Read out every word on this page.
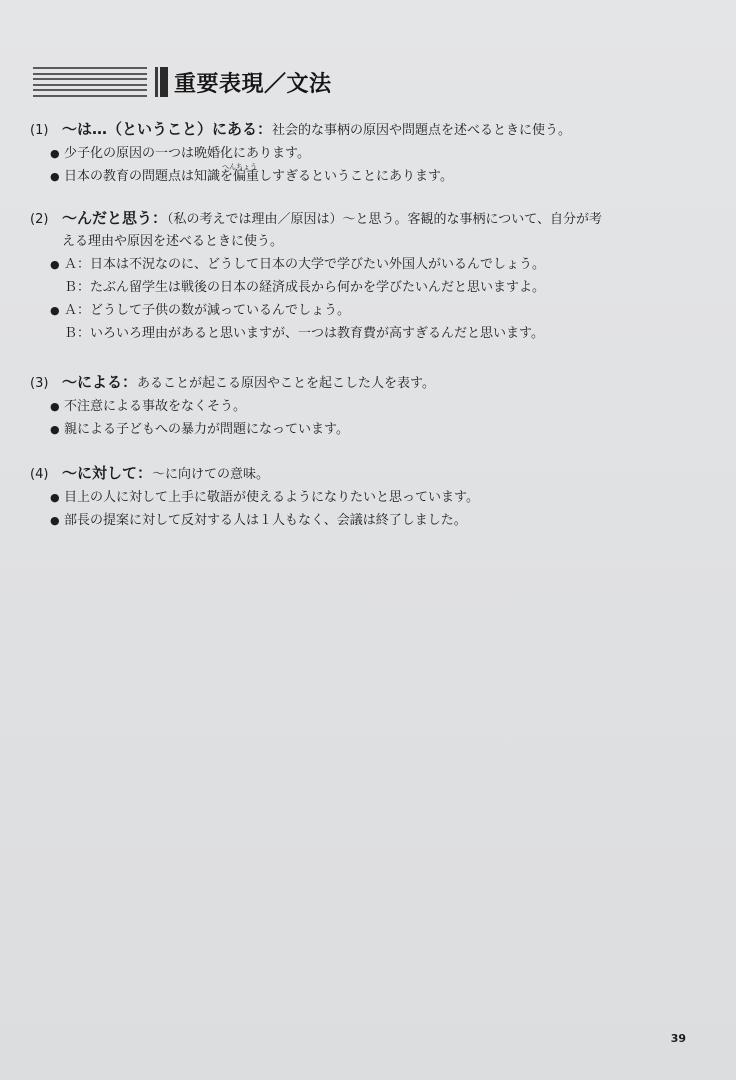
重要表現／文法
(1) 〜は…（ということ）にある：社会的な事柄の原因や問題点を述べるときに使う。
● 少子化の原因の一つは晩婚化にあります。
● 日本の教育の問題点は知識を
へんちょう
偏重しすぎるということにあります。
(2) 〜んだと思う：（私の考えでは理由／原因は）〜と思う。客観的な事柄について、自分が考
える理由や原因を述べるときに使う。
● Ａ：日本は不況なのに、どうして日本の大学で学びたい外国人がいるんでしょう。
Ｂ：たぶん留学生は戦後の日本の経済成長から何かを学びたいんだと思いますよ。
● Ａ：どうして子供の数が減っているんでしょう。
Ｂ：いろいろ理由があると思いますが、一つは教育費が高すぎるんだと思います。
(3) 〜による：あることが起こる原因やことを起こした人を表す。
● 不注意による事故をなくそう。
● 親による子どもへの暴力が問題になっています。
(4) 〜に対して：〜に向けての意味。
● 目上の人に対して上手に敬語が使えるようになりたいと思っています。
● 部長の提案に対して反対する人は１人もなく、会議は終了しました。
39
